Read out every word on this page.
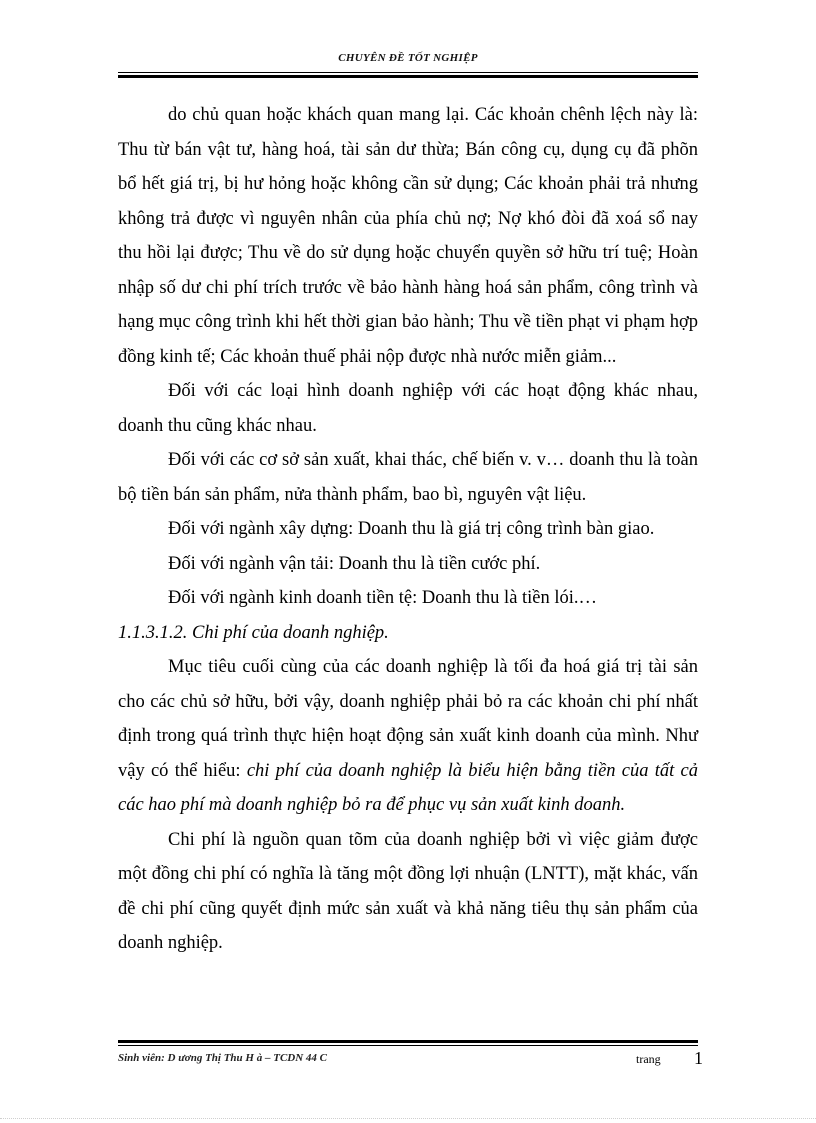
CHUYÊN ĐỀ TỐT NGHIỆP

do chủ quan hoặc khách quan mang lại. Các khoản chênh lệch này là: Thu từ bán vật tư, hàng hoá, tài sản dư thừa; Bán công cụ, dụng cụ đã phõn bổ hết giá trị, bị hư hỏng hoặc không cần sử dụng; Các khoản phải trả nhưng không trả được vì nguyên nhân của phía chủ nợ; Nợ khó đòi đã xoá sổ nay thu hồi lại được; Thu về do sử dụng hoặc chuyển quyền sở hữu trí tuệ; Hoàn nhập số dư chi phí trích trước về bảo hành hàng hoá sản phẩm, công trình và hạng mục công trình khi hết thời gian bảo hành; Thu về tiền phạt vi phạm hợp đồng kinh tế; Các khoản thuế phải nộp được nhà nước miễn giảm...

Đối với các loại hình doanh nghiệp với các hoạt động khác nhau, doanh thu cũng khác nhau.

Đối với các cơ sở sản xuất, khai thác, chế biến v. v… doanh thu là toàn bộ tiền bán sản phẩm, nửa thành phẩm, bao bì, nguyên vật liệu.

Đối với ngành xây dựng: Doanh thu là giá trị công trình bàn giao.

Đối với ngành vận tải: Doanh thu là tiền cước phí.

Đối với ngành kinh doanh tiền tệ: Doanh thu là tiền lói.…

1.1.3.1.2. Chi phí của doanh nghiệp.

Mục tiêu cuối cùng của các doanh nghiệp là tối đa hoá giá trị tài sản cho các chủ sở hữu, bởi vậy, doanh nghiệp phải bỏ ra các khoản chi phí nhất định trong quá trình thực hiện hoạt động sản xuất kinh doanh của mình. Như vậy có thể hiểu: chi phí của doanh nghiệp là biểu hiện bằng tiền của tất cả các hao phí mà doanh nghiệp bỏ ra để phục vụ sản xuất kinh doanh.

Chi phí là nguồn quan tõm của doanh nghiệp bởi vì việc giảm được một đồng chi phí có nghĩa là tăng một đồng lợi nhuận (LNTT), mặt khác, vấn đề chi phí cũng quyết định mức sản xuất và khả năng tiêu thụ sản phẩm của doanh nghiệp.

Sinh viên: D ương Thị Thu H à – TCDN 44 C	trang 1
